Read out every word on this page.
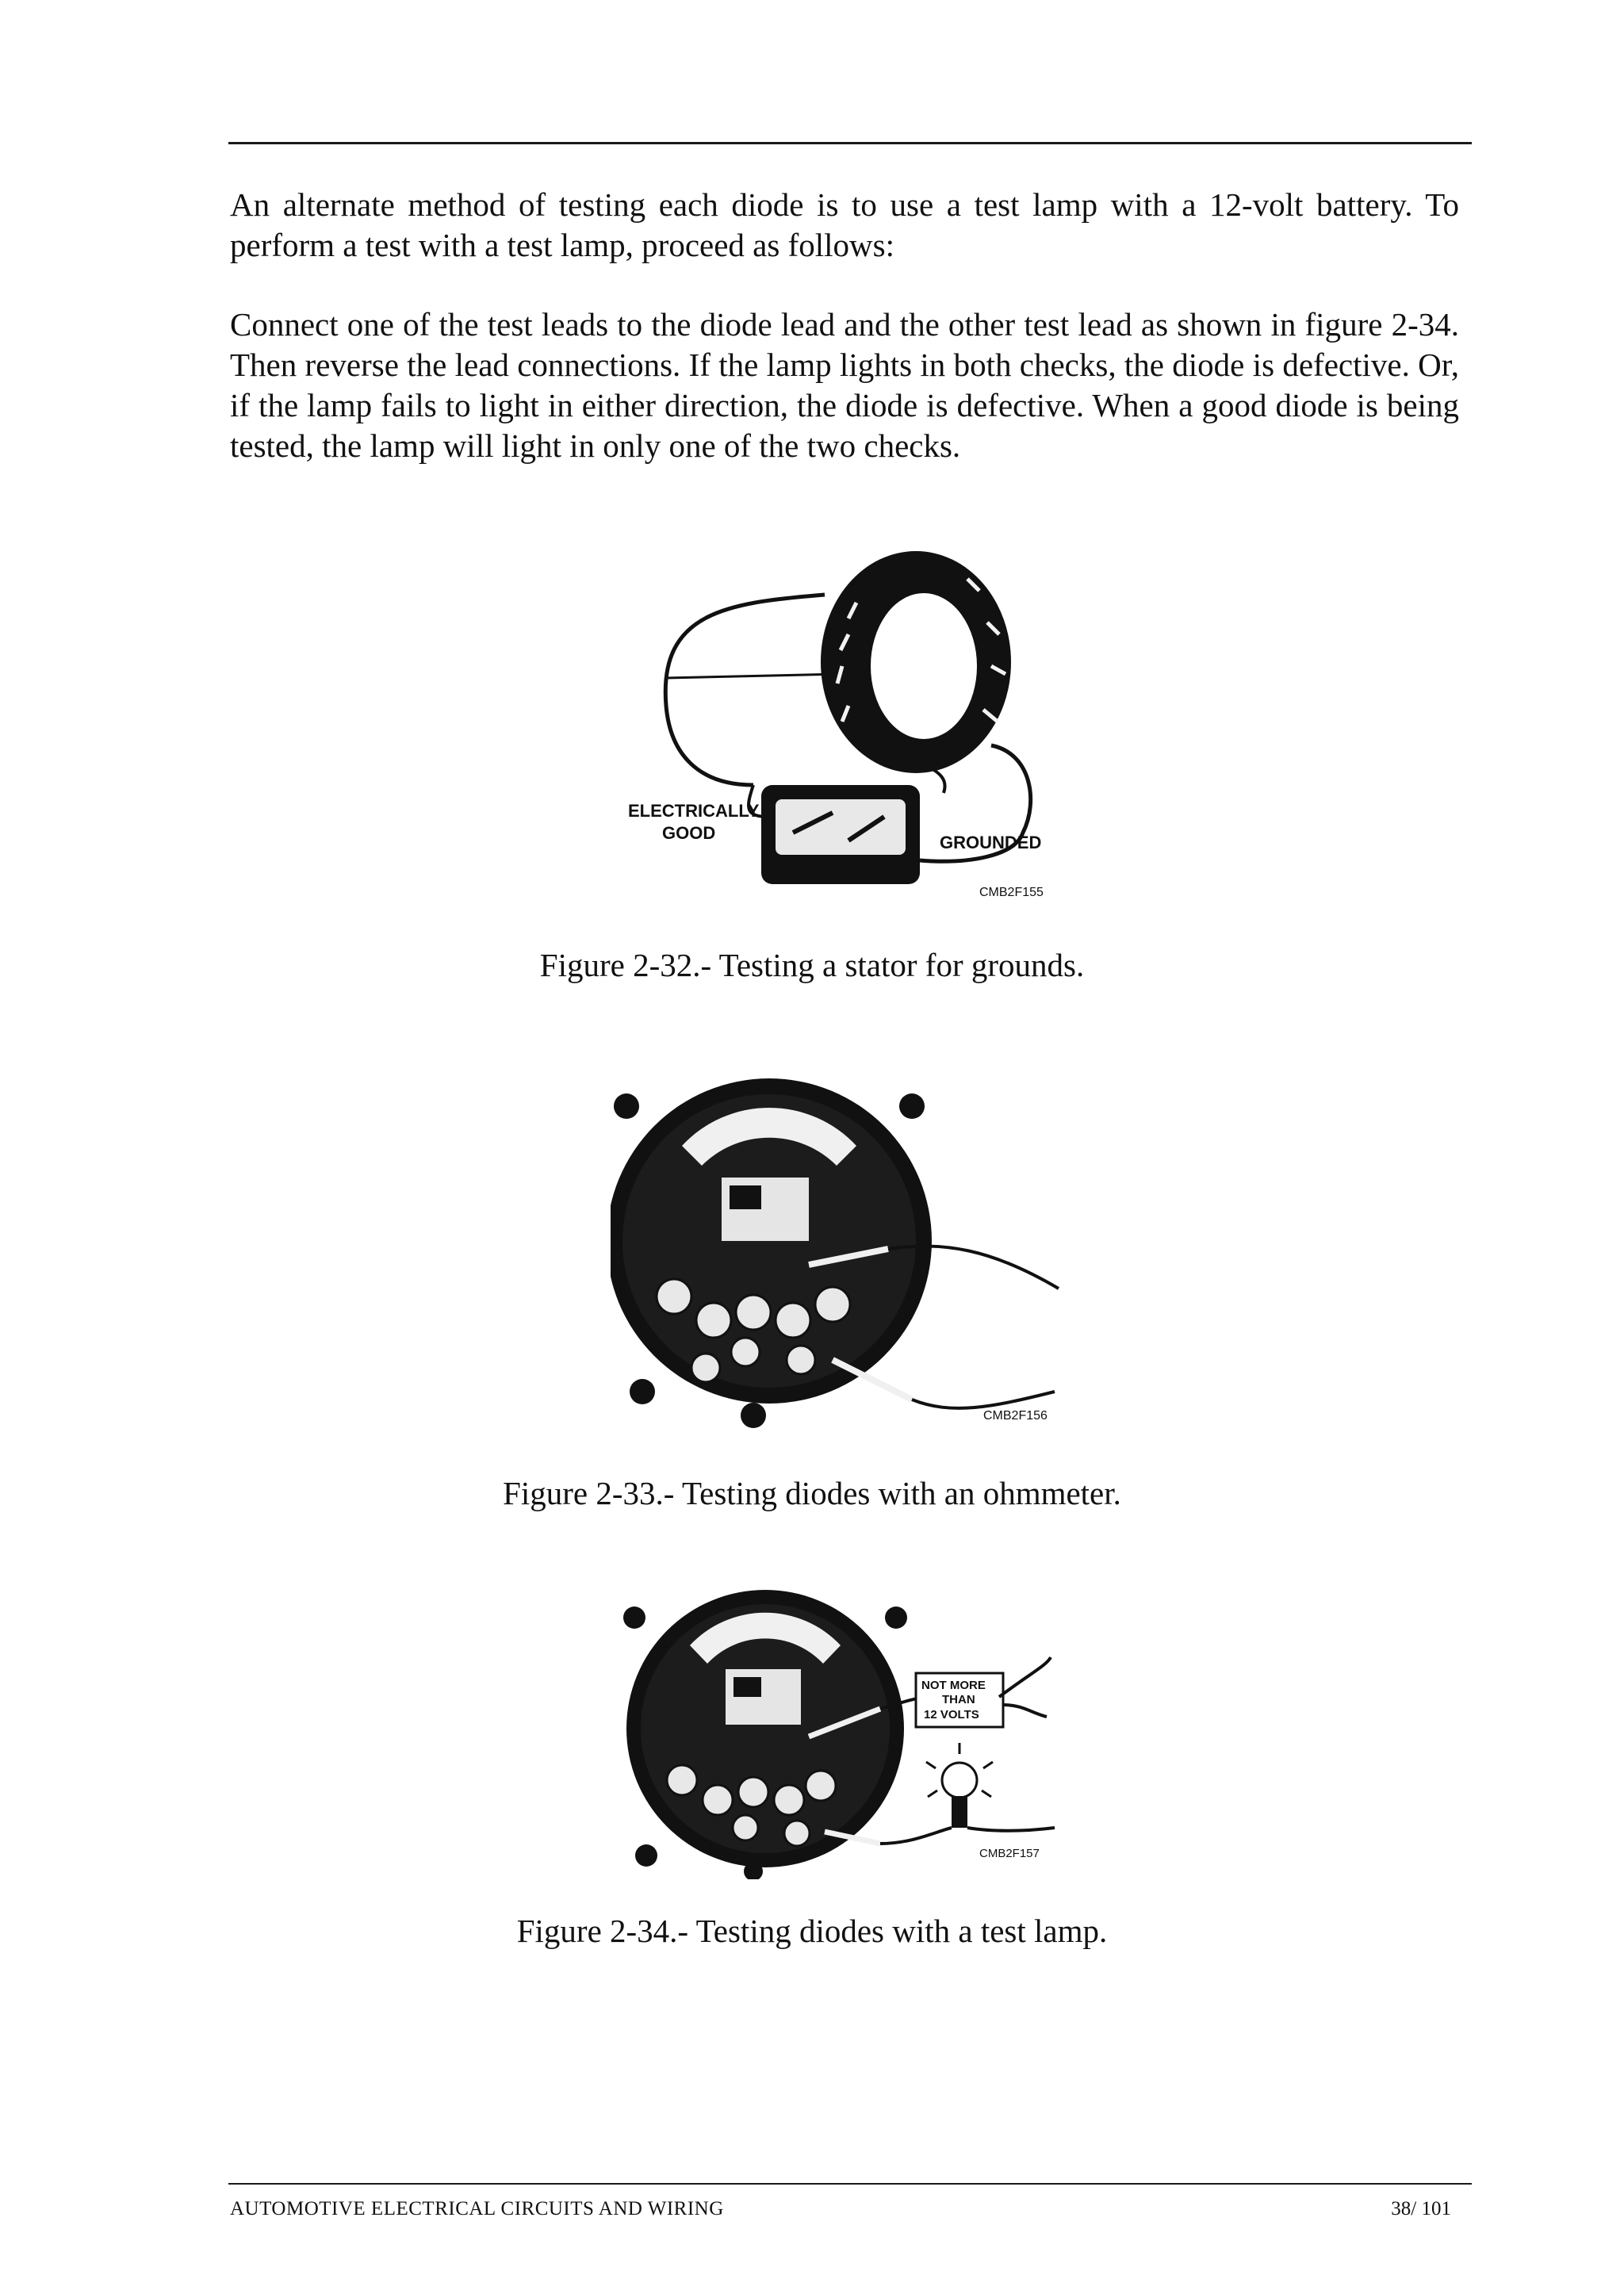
An alternate method of testing each diode is to use a test lamp with a 12-volt battery. To perform a test with a test lamp, proceed as follows:

Connect one of the test leads to the diode lead and the other test lead as shown in figure 2-34. Then reverse the lead connections. If the lamp lights in both checks, the diode is defective. Or, if the lamp fails to light in either direction, the diode is defective. When a good diode is being tested, the lamp will light in only one of the two checks.

ELECTRICALLY
GOOD	GROUNDED
CMB2F155
Figure 2-32.- Testing a stator for grounds.
CMB2F156
Figure 2-33.- Testing diodes with an ohmmeter.
NOT MORE
THAN
12 VOLTS
CMB2F157
Figure 2-34.- Testing diodes with a test lamp.
AUTOMOTIVE ELECTRICAL CIRCUITS AND WIRING	38/ 101
